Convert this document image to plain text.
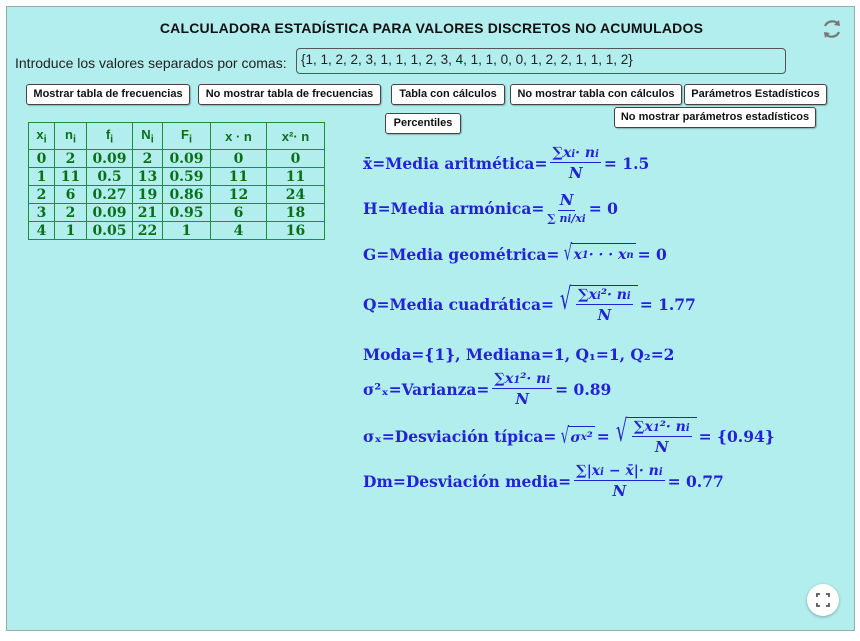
CALCULADORA ESTADÍSTICA PARA VALORES DISCRETOS NO ACUMULADOS
Introduce los valores separados por comas:	{1, 1, 2, 2, 3, 1, 1, 1, 2, 3, 4, 1, 1, 0, 0, 1, 2, 2, 1, 1, 1, 2}
Mostrar tabla de frecuencias	No mostrar tabla de frecuencias	Tabla con cálculos	No mostrar tabla con cálculos	Parámetros Estadísticos
Percentiles	No mostrar parámetros estadísticos
$x_i$	$n_i$	$f_i$	$N_i$	$F_i$	x · n	x²· n
0	2	0.09	2	0.09	0	0
1	11	0.5	13	0.59	11	11
2	6	0.27	19	0.86	12	24
3	2	0.09	21	0.95	6	18
4	1	0.05	22	1	4	16
x̄=Media aritmética= $\frac{\sum xi\cdot ni}{N} = 1.5$
H=Media armónica= $\frac{N}{\sum ni/xi} = 0$
G=Media geométrica= √ x 1 · · · x n = 0
Q=Media cuadrática= √ $\frac{\text{∑xi²· ni}}{N} = 1.77$
Moda={1}, Mediana=1, Q₁=1, Q₂=2
σ²ₓ=Varianza= $\frac{\text{∑x1²· ni}}{N} = 0.89$
σₓ=Desviación típica= √ σ x ² = √ $\frac{\text{∑x1²· ni}}{N} = \{0.94\}$
Dm=Desviación media= $\frac{\sum|xi - x̄|\cdot ni}{N} = 0.77$
